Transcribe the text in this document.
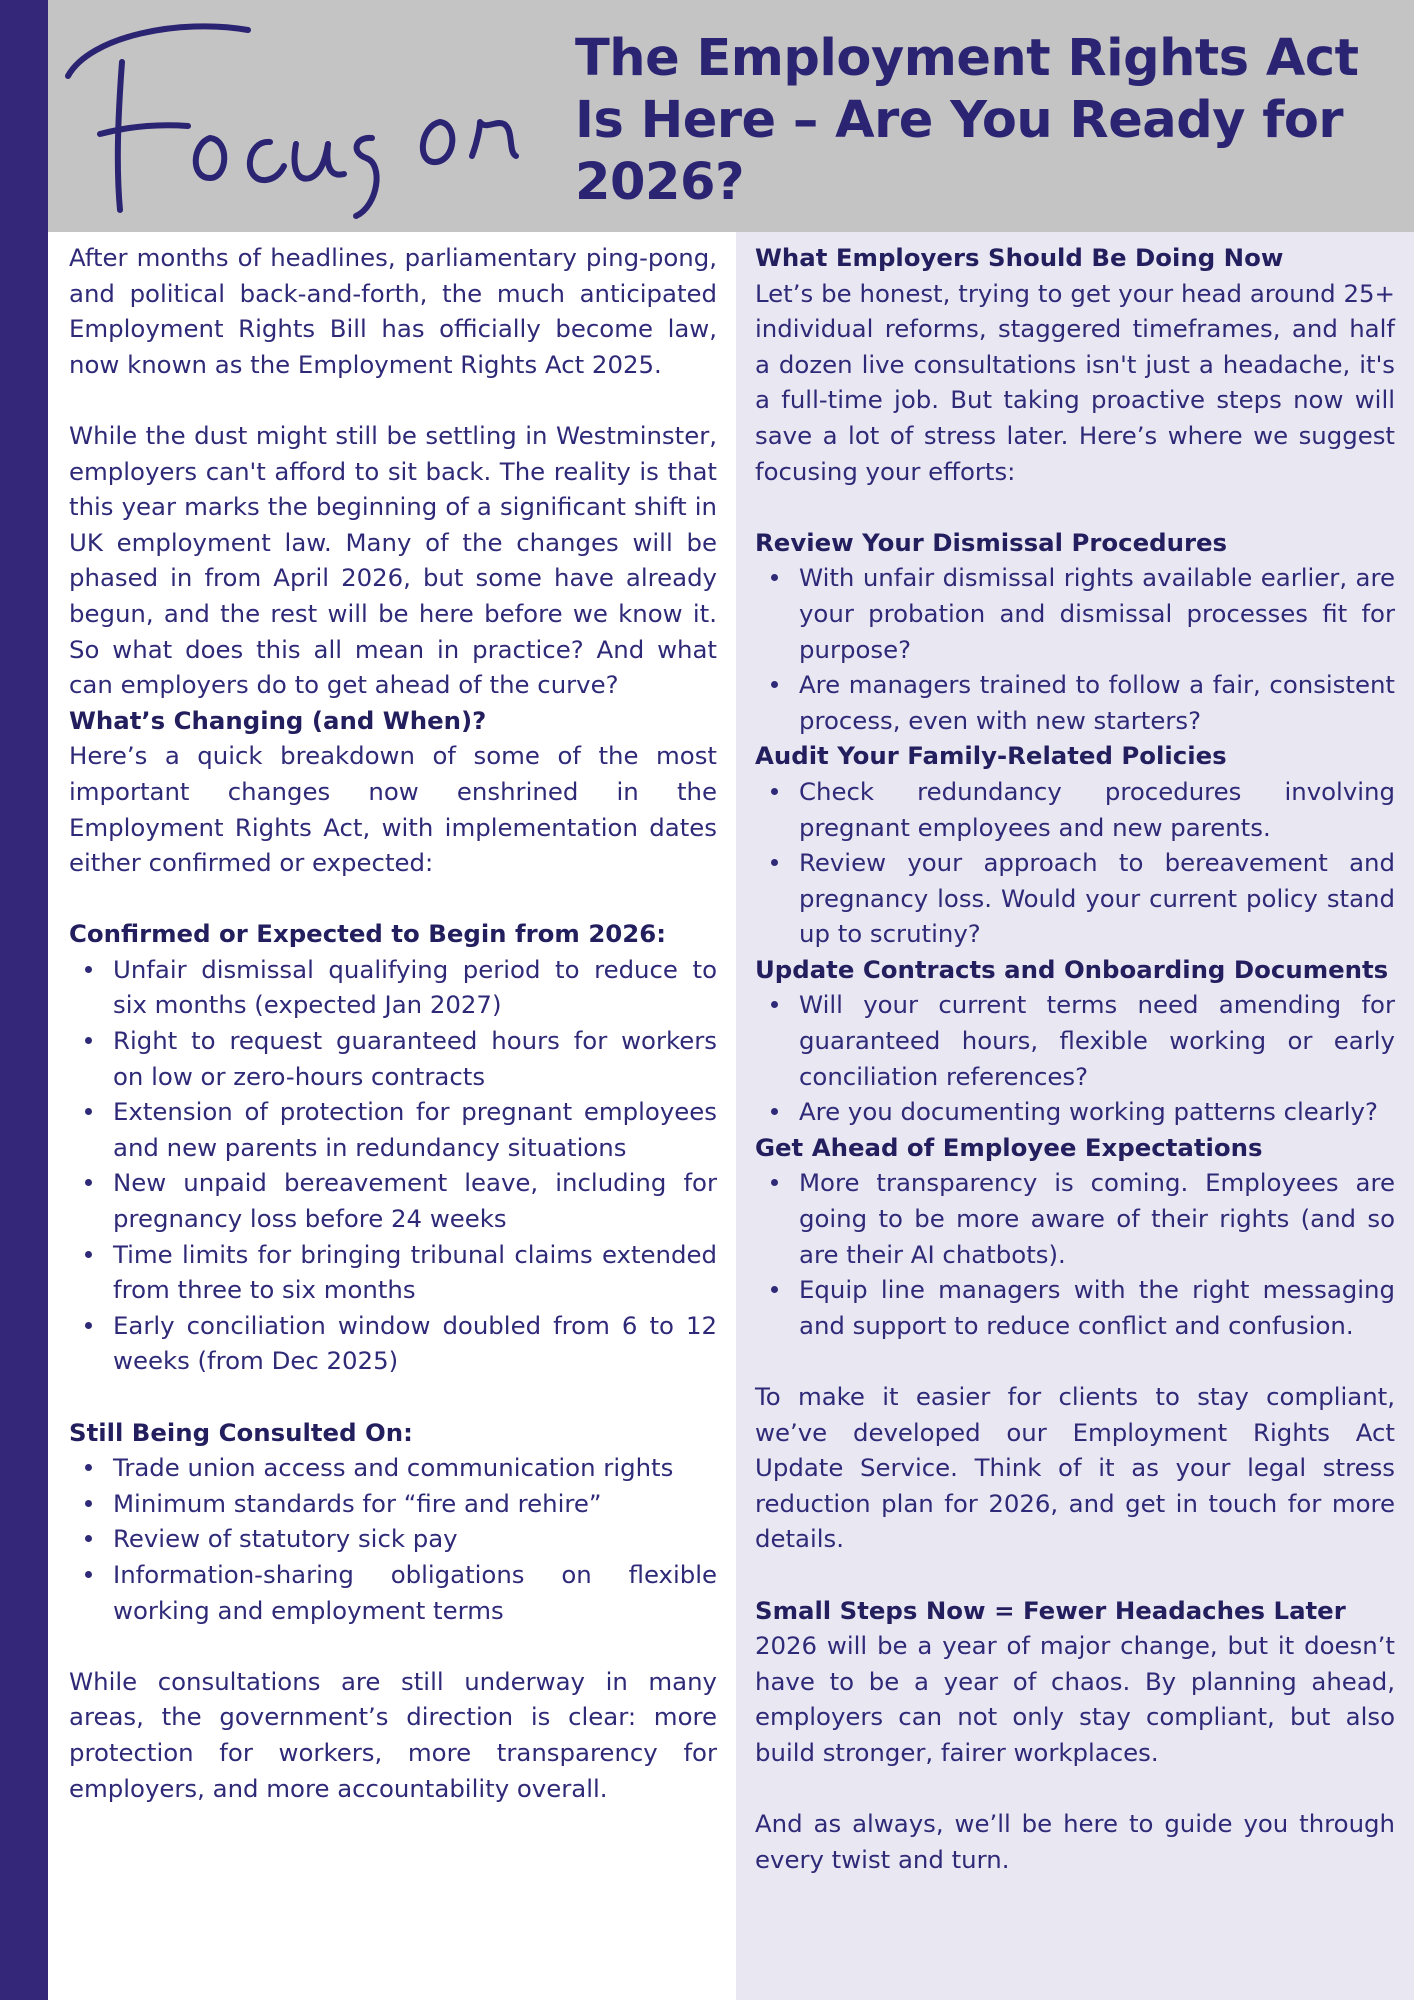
The Employment Rights Act Is Here – Are You Ready for 2026?

After months of headlines, parliamentary ping-pong, and political back-and-forth, the much anticipated Employment Rights Bill has officially become law, now known as the Employment Rights Act 2025.

While the dust might still be settling in Westminster, employers can't afford to sit back. The reality is that this year marks the beginning of a significant shift in UK employment law. Many of the changes will be phased in from April 2026, but some have already begun, and the rest will be here before we know it. So what does this all mean in practice? And what can employers do to get ahead of the curve?

What’s Changing (and When)?

Here’s a quick breakdown of some of the most important changes now enshrined in the Employment Rights Act, with implementation dates either confirmed or expected:

Confirmed or Expected to Begin from 2026:

Unfair dismissal qualifying period to reduce to six months (expected Jan 2027)
Right to request guaranteed hours for workers on low or zero-hours contracts
Extension of protection for pregnant employees and new parents in redundancy situations
New unpaid bereavement leave, including for pregnancy loss before 24 weeks
Time limits for bringing tribunal claims extended from three to six months
Early conciliation window doubled from 6 to 12 weeks (from Dec 2025)

Still Being Consulted On:

Trade union access and communication rights
Minimum standards for “fire and rehire”
Review of statutory sick pay
Information-sharing obligations on flexible working and employment terms

While consultations are still underway in many areas, the government’s direction is clear: more protection for workers, more transparency for employers, and more accountability overall.

What Employers Should Be Doing Now

Let’s be honest, trying to get your head around 25+ individual reforms, staggered timeframes, and half a dozen live consultations isn't just a headache, it's a full-time job. But taking proactive steps now will save a lot of stress later. Here’s where we suggest focusing your efforts:

Review Your Dismissal Procedures

With unfair dismissal rights available earlier, are your probation and dismissal processes fit for purpose?
Are managers trained to follow a fair, consistent process, even with new starters?

Audit Your Family-Related Policies

Check redundancy procedures involving pregnant employees and new parents.
Review your approach to bereavement and pregnancy loss. Would your current policy stand up to scrutiny?

Update Contracts and Onboarding Documents

Will your current terms need amending for guaranteed hours, flexible working or early conciliation references?
Are you documenting working patterns clearly?

Get Ahead of Employee Expectations

More transparency is coming. Employees are going to be more aware of their rights (and so are their AI chatbots).
Equip line managers with the right messaging and support to reduce conflict and confusion.

To make it easier for clients to stay compliant, we’ve developed our Employment Rights Act Update Service. Think of it as your legal stress reduction plan for 2026, and get in touch for more details.

Small Steps Now = Fewer Headaches Later

2026 will be a year of major change, but it doesn’t have to be a year of chaos. By planning ahead, employers can not only stay compliant, but also build stronger, fairer workplaces.

And as always, we’ll be here to guide you through every twist and turn.
